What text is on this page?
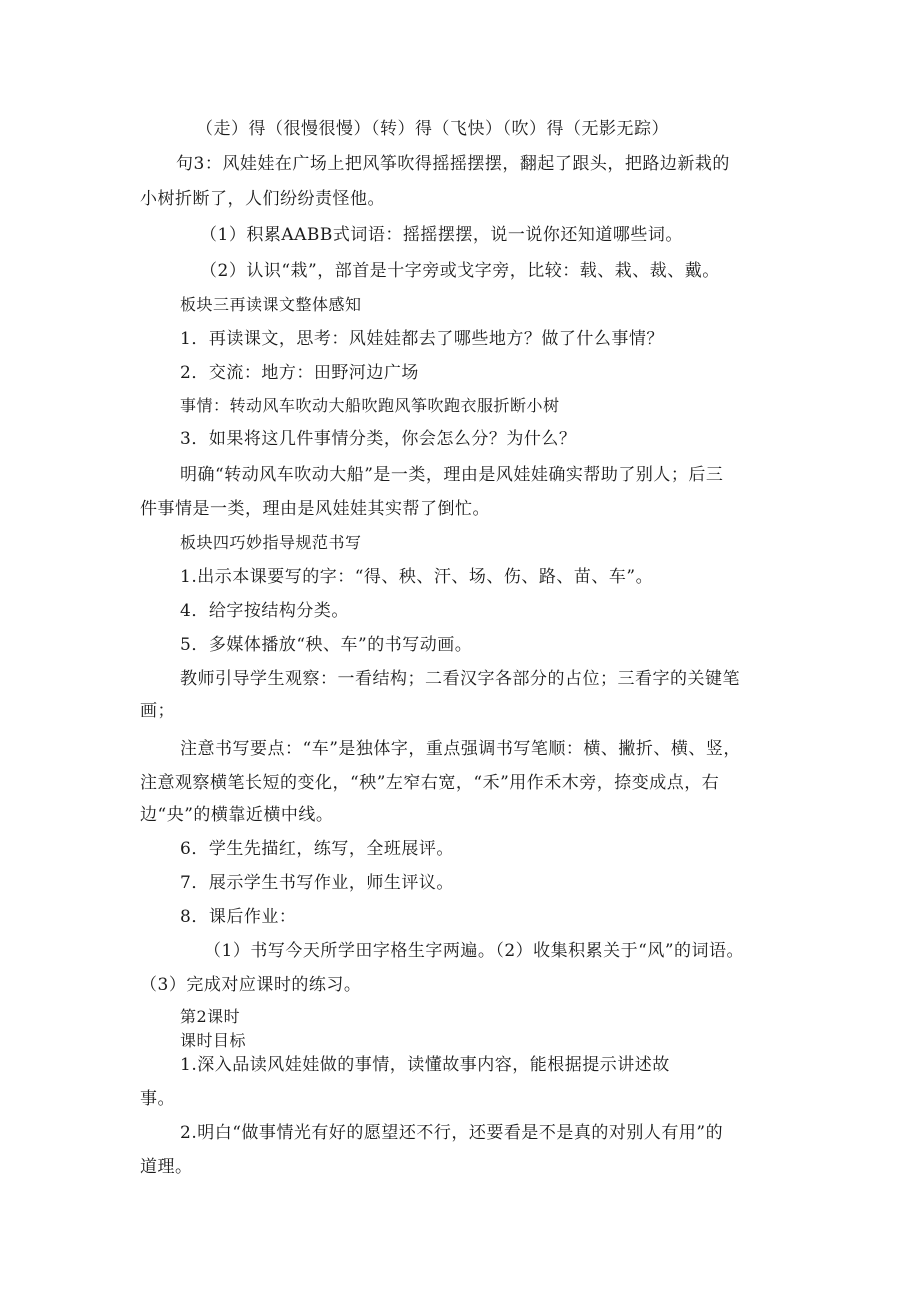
（走）得（很慢很慢）（转）得（飞快）（吹）得（无影无踪）
句3：风娃娃在广场上把风筝吹得摇摇摆摆，翻起了跟头，把路边新栽的
小树折断了，人们纷纷责怪他。
（1）积累AABB式词语：摇摇摆摆，说一说你还知道哪些词。
（2）认识“栽”，部首是十字旁或戈字旁，比较：载、栽、裁、戴。
板块三再读课文整体感知
1．再读课文，思考：风娃娃都去了哪些地方？做了什么事情？
2．交流：地方：田野河边广场
事情：转动风车吹动大船吹跑风筝吹跑衣服折断小树
3．如果将这几件事情分类，你会怎么分？为什么？
明确“转动风车吹动大船”是一类，理由是风娃娃确实帮助了别人；后三
件事情是一类，理由是风娃娃其实帮了倒忙。
板块四巧妙指导规范书写
1.出示本课要写的字：“得、秧、汗、场、伤、路、苗、车”。
4．给字按结构分类。
5．多媒体播放“秧、车”的书写动画。
教师引导学生观察：一看结构；二看汉字各部分的占位；三看字的关键笔
画；
注意书写要点：“车”是独体字，重点强调书写笔顺：横、撇折、横、竖，
注意观察横笔长短的变化，“秧”左窄右宽，“禾”用作禾木旁，捺变成点，右
边“央”的横靠近横中线。
6．学生先描红，练写，全班展评。
7．展示学生书写作业，师生评议。
8．课后作业：
（1）书写今天所学田字格生字两遍。（2）收集积累关于“风”的词语。
（3）完成对应课时的练习。
第2课时
课时目标
1.深入品读风娃娃做的事情，读懂故事内容，能根据提示讲述故
事。
2.明白“做事情光有好的愿望还不行，还要看是不是真的对别人有用”的
道理。
